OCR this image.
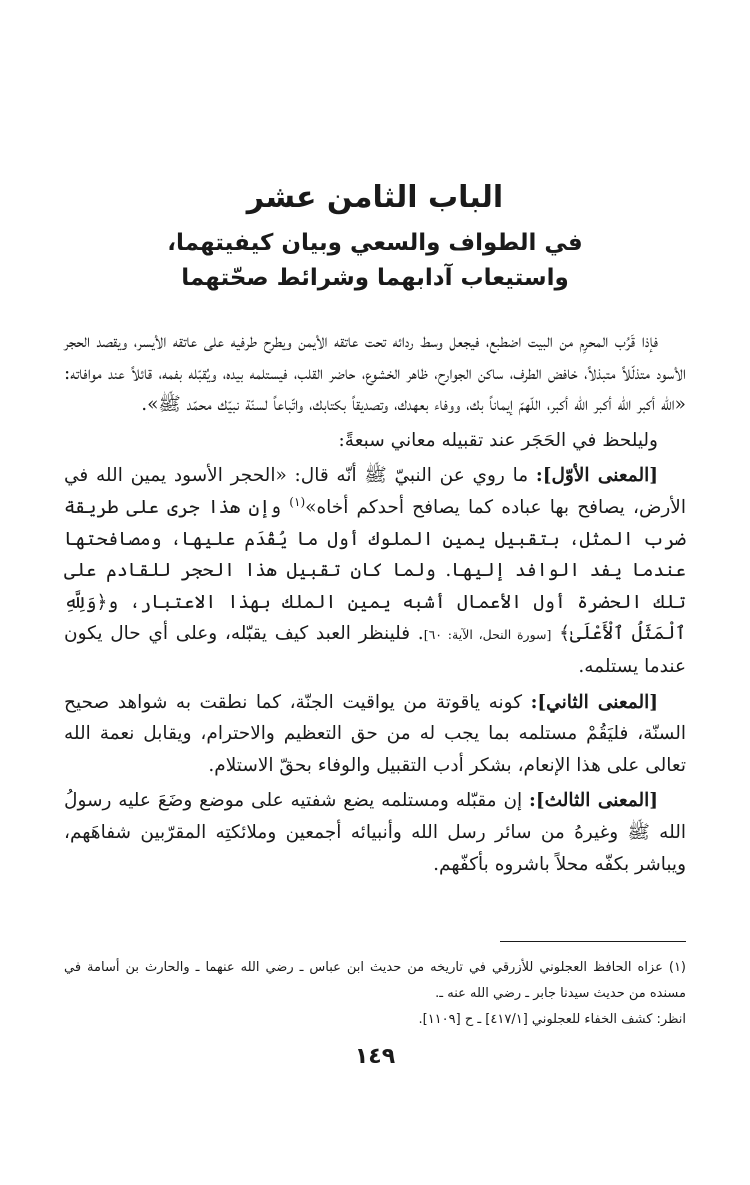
الباب الثامن عشر
في الطواف والسعي وبيان كيفيتهما،
واستيعاب آدابهما وشرائط صحّتهما

فإذا قَرُب المحرِم من البيت اضطبع، فيجعل وسط ردائه تحت عاتقه الأيمن ويطرح طرفيه على عاتقه الأيسر، ويقصد الحجر الأسود متذلّلاً متبذلاً، خافض الطرف، ساكن الجوارح، ظاهر الخشوع، حاضر القلب، فيستلمه بيده، ويُقبّله بفمه، قائلاً عند موافاته: «الله أكبر الله أكبر الله أكبر، اللّهمّ إيماناً بك، ووفاء بعهدك، وتصديقاً بكتابك، واتّباعاً لسنّة نبيّك محمّد ﷺ».

وليلحظ في الحَجَر عند تقبيله معاني سبعةً:

[المعنى الأوّل]: ما روي عن النبيّ ﷺ أنّه قال: «الحجر الأسود يمين الله في الأرض، يصافح بها عباده كما يصافح أحدكم أخاه»$^{(١)}$ وإن هذا جرى على طريقة ضرب المثل، بتقبيل يمين الملوك أول ما يُقْدَم عليها، ومصافحتها عندما يفد الوافد إليها. ولما كان تقبيل هذا الحجر للقادم على تلك الحضرة أول الأعمال أشبه يمين الملك بهذا الاعتبار، و﴿وَلِلَّهِ ٱلْمَثَلُ ٱلْأَعْلَىٰ﴾ [سورة النحل، الآية: ٦٠]. فلينظر العبد كيف يقبّله، وعلى أي حال يكون عندما يستلمه.

[المعنى الثاني]: كونه ياقوتة من يواقيت الجنّة، كما نطقت به شواهد صحيح السنّة، فليَقُمْ مستلمه بما يجب له من حق التعظيم والاحترام، ويقابل نعمة الله تعالى على هذا الإنعام، بشكر أدب التقبيل والوفاء بحقّ الاستلام.

[المعنى الثالث]: إن مقبّله ومستلمه يضع شفتيه على موضع وضَعَ عليه رسولُ الله ﷺ وغيرهُ من سائر رسل الله وأنبيائه أجمعين وملائكتِه المقرّبين شفاهَهم، ويباشر بكفّه محلاً باشروه بأكفّهم.

(١) عزاه الحافظ العجلوني للأزرقي في تاريخه من حديث ابن عباس ـ رضي الله عنهما ـ والحارث بن أسامة في مسنده من حديث سيدنا جابر ـ رضي الله عنه ـ.

انظر: كشف الخفاء للعجلوني [٤١٧/١] ـ ح [١١٠٩].

١٤٩
